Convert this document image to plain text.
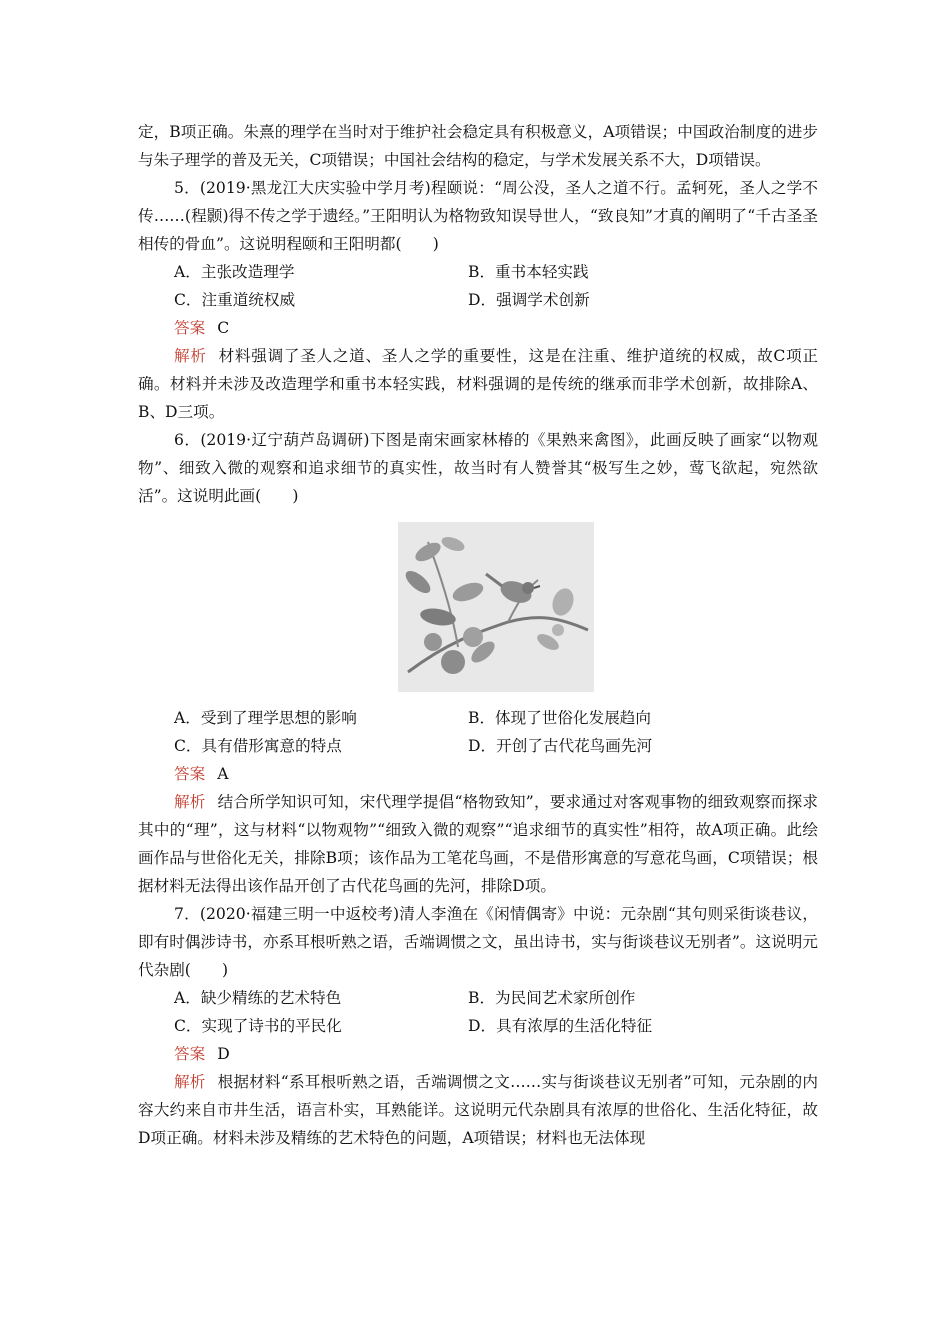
定，B项正确。朱熹的理学在当时对于维护社会稳定具有积极意义，A项错误；中国政治制度的进步与朱子理学的普及无关，C项错误；中国社会结构的稳定，与学术发展关系不大，D项错误。

5．(2019·黑龙江大庆实验中学月考)程颐说：“周公没，圣人之道不行。孟轲死，圣人之学不传……(程颢)得不传之学于遗经。”王阳明认为格物致知误导世人，“致良知”才真的阐明了“千古圣圣相传的骨血”。这说明程颐和王阳明都(　　)

A．主张改造理学	B．重书本轻实践
C．注重道统权威	D．强调学术创新
答案 C

解析 材料强调了圣人之道、圣人之学的重要性，这是在注重、维护道统的权威，故C项正确。材料并未涉及改造理学和重书本轻实践，材料强调的是传统的继承而非学术创新，故排除A、B、D三项。

6．(2019·辽宁葫芦岛调研)下图是南宋画家林椿的《果熟来禽图》，此画反映了画家“以物观物”、细致入微的观察和追求细节的真实性，故当时有人赞誉其“极写生之妙，莺飞欲起，宛然欲活”。这说明此画(　　)

A．受到了理学思想的影响	B．体现了世俗化发展趋向
C．具有借形寓意的特点	D．开创了古代花鸟画先河
答案 A

解析 结合所学知识可知，宋代理学提倡“格物致知”，要求通过对客观事物的细致观察而探求其中的“理”，这与材料“以物观物”“细致入微的观察”“追求细节的真实性”相符，故A项正确。此绘画作品与世俗化无关，排除B项；该作品为工笔花鸟画，不是借形寓意的写意花鸟画，C项错误；根据材料无法得出该作品开创了古代花鸟画的先河，排除D项。

7．(2020·福建三明一中返校考)清人李渔在《闲情偶寄》中说：元杂剧“其句则采街谈巷议，即有时偶涉诗书，亦系耳根听熟之语，舌端调惯之文，虽出诗书，实与街谈巷议无别者”。这说明元代杂剧(　　)

A．缺少精练的艺术特色	B．为民间艺术家所创作
C．实现了诗书的平民化	D．具有浓厚的生活化特征
答案 D

解析 根据材料“系耳根听熟之语，舌端调惯之文……实与街谈巷议无别者”可知，元杂剧的内容大约来自市井生活，语言朴实，耳熟能详。这说明元代杂剧具有浓厚的世俗化、生活化特征，故D项正确。材料未涉及精练的艺术特色的问题，A项错误；材料也无法体现
